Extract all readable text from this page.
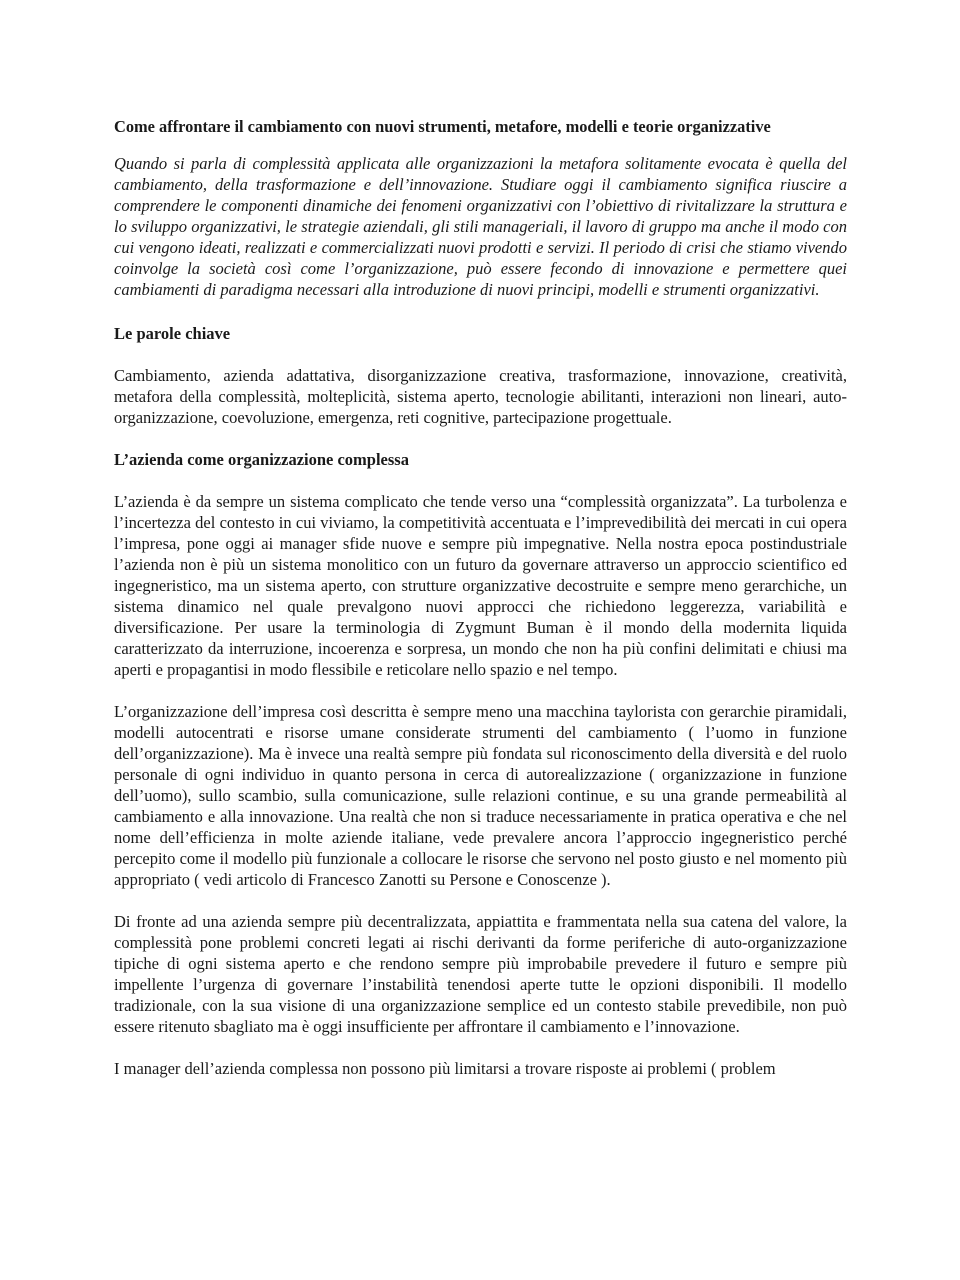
Come affrontare il cambiamento con nuovi strumenti, metafore, modelli e teorie organizzative
Quando si parla di complessità applicata alle organizzazioni la metafora solitamente evocata è quella del cambiamento, della trasformazione e dell’innovazione. Studiare oggi il cambiamento significa riuscire a comprendere le componenti dinamiche dei fenomeni organizzativi con l’obiettivo di rivitalizzare la struttura e lo sviluppo organizzativi, le strategie aziendali, gli stili manageriali, il lavoro di gruppo ma anche il modo con cui vengono ideati, realizzati e commercializzati nuovi prodotti e servizi. Il periodo di crisi che stiamo vivendo coinvolge la società così come l’organizzazione, può essere fecondo di innovazione e permettere quei cambiamenti di paradigma necessari alla introduzione di nuovi principi, modelli e strumenti organizzativi.
Le parole chiave
Cambiamento, azienda adattativa, disorganizzazione creativa, trasformazione, innovazione, creatività, metafora della complessità, molteplicità, sistema aperto, tecnologie abilitanti, interazioni non lineari, auto-organizzazione, coevoluzione, emergenza, reti cognitive, partecipazione progettuale.
L’azienda come organizzazione complessa
L’azienda è da sempre un sistema complicato che tende verso una “complessità organizzata”. La turbolenza e l’incertezza del contesto in cui viviamo, la competitività accentuata e l’imprevedibilità dei mercati in cui opera l’impresa, pone oggi ai manager sfide nuove e sempre più impegnative. Nella nostra epoca postindustriale l’azienda non è più un sistema monolitico con un futuro da governare attraverso un approccio scientifico ed ingegneristico, ma un sistema aperto, con strutture organizzative decostruite e sempre meno gerarchiche, un sistema dinamico nel quale prevalgono nuovi approcci che richiedono leggerezza, variabilità e diversificazione. Per usare la terminologia di Zygmunt Buman è il mondo della modernita liquida caratterizzato da interruzione, incoerenza e sorpresa, un mondo che non ha più confini delimitati e chiusi ma aperti e propagantisi in modo flessibile e reticolare nello spazio e nel tempo.
L’organizzazione dell’impresa così descritta è sempre meno una macchina taylorista con gerarchie piramidali, modelli autocentrati e risorse umane considerate strumenti del cambiamento ( l’uomo in funzione dell’organizzazione). Ma è invece una realtà sempre più fondata sul riconoscimento della diversità e del ruolo personale di ogni individuo in quanto persona in cerca di autorealizzazione ( organizzazione in funzione dell’uomo), sullo scambio, sulla comunicazione, sulle relazioni continue, e su una grande permeabilità al cambiamento e alla innovazione. Una realtà che non si traduce necessariamente in pratica operativa e che nel nome dell’efficienza in molte aziende italiane, vede prevalere ancora l’approccio ingegneristico perché percepito come il modello più funzionale a collocare le risorse che servono nel posto giusto e nel momento più appropriato ( vedi articolo di Francesco Zanotti su Persone e Conoscenze ).
Di fronte ad una azienda sempre più decentralizzata, appiattita e frammentata nella sua catena del valore, la complessità pone problemi concreti legati ai rischi derivanti da forme periferiche di auto-organizzazione tipiche di ogni sistema aperto e che rendono sempre più improbabile prevedere il futuro e sempre più impellente l’urgenza di governare l’instabilità tenendosi aperte tutte le opzioni disponibili. Il modello tradizionale, con la sua visione di una organizzazione semplice ed un contesto stabile prevedibile, non può essere ritenuto sbagliato ma è oggi insufficiente per affrontare il cambiamento e l’innovazione.
I manager dell’azienda complessa non possono più limitarsi a trovare risposte ai problemi ( problem
